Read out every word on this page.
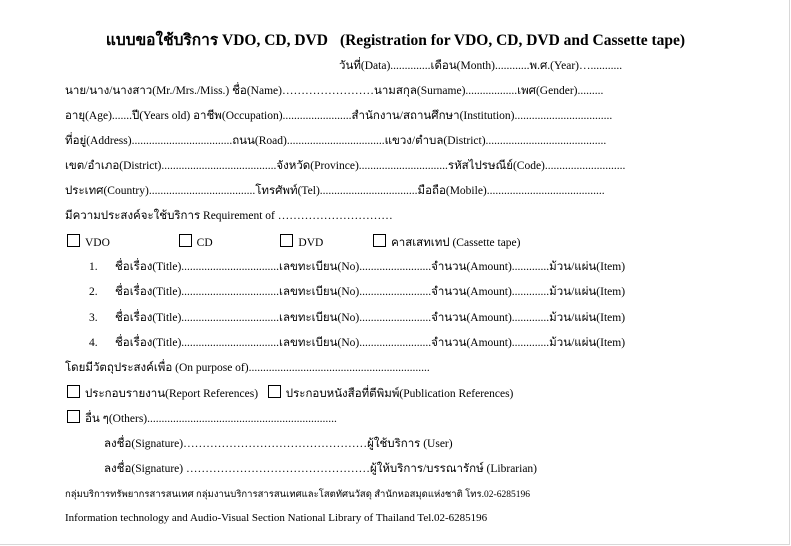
แบบขอใช้บริการ VDO, CD, DVD (Registration for VDO, CD, DVD and Cassette tape)
วันที่(Data)..............เดือน(Month)............พ.ศ.(Year)…...........
นาย/นาง/นางสาว(Mr./Mrs./Miss.) ชื่อ(Name)……………………นามสกุล(Surname)..................เพศ(Gender).........
อายุ(Age).......ปี(Years old) อาชีพ(Occupation)........................สำนักงาน/สถานศึกษา(Institution)..................................
ที่อยู่(Address)...................................ถนน(Road)..................................แขวง/ตำบล(District)..........................................
เขต/อำเภอ(District)........................................จังหวัด(Province)...............................รหัสไปรษณีย์(Code)............................
ประเทศ(Country).....................................โทรศัพท์(Tel)..................................มือถือ(Mobile).........................................
มีความประสงค์จะใช้บริการ Requirement of …………………………
VDO	CD	DVD	คาสเสทเทป (Cassette tape)
1. ชื่อเรื่อง(Title)..................................เลขทะเบียน(No).........................จำนวน(Amount).............ม้วน/แผ่น(Item)
2. ชื่อเรื่อง(Title)..................................เลขทะเบียน(No).........................จำนวน(Amount).............ม้วน/แผ่น(Item)
3. ชื่อเรื่อง(Title)..................................เลขทะเบียน(No).........................จำนวน(Amount).............ม้วน/แผ่น(Item)
4. ชื่อเรื่อง(Title)..................................เลขทะเบียน(No).........................จำนวน(Amount).............ม้วน/แผ่น(Item)
โดยมีวัตถุประสงค์เพื่อ (On purpose of)...............................................................
ประกอบรายงาน(Report References) ประกอบหนังสือที่ตีพิมพ์(Publication References)
อื่น ๆ(Others)..................................................................
ลงชื่อ(Signature)…………………………………………ผู้ใช้บริการ (User)
ลงชื่อ(Signature) …………………………………………ผู้ให้บริการ/บรรณารักษ์ (Librarian)
กลุ่มบริการทรัพยากรสารสนเทศ กลุ่มงานบริการสารสนเทศและโสตทัศนวัสดุ สำนักหอสมุดแห่งชาติ โทร.02-6285196
Information technology and Audio-Visual Section National Library of Thailand Tel.02-6285196
